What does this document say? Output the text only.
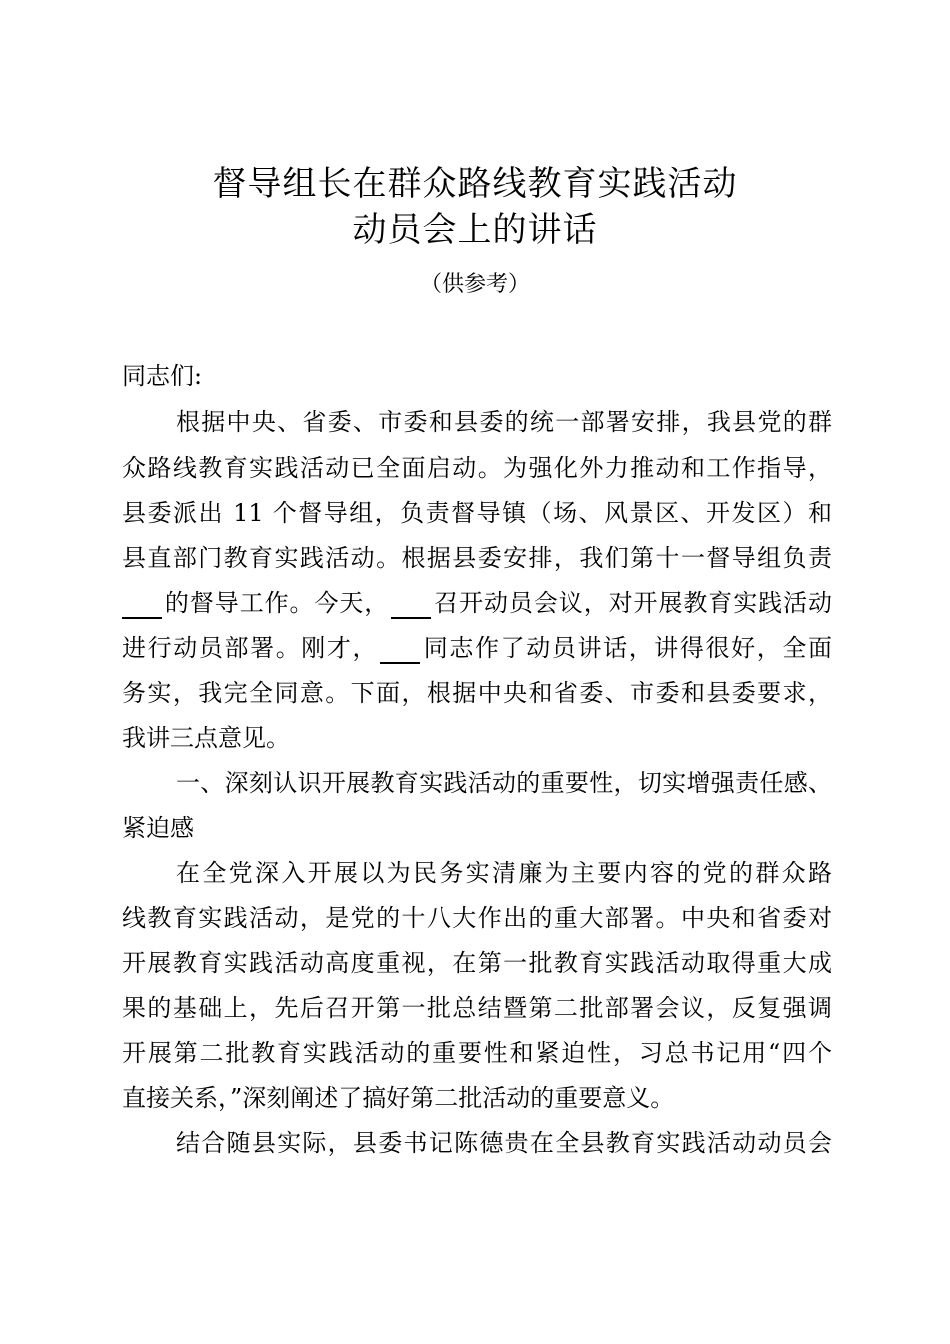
督导组长在群众路线教育实践活动
动员会上的讲话
（供参考）
同志们:
根据中央、省委、市委和县委的统一部署安排，我县党的群
众路线教育实践活动已全面启动。为强化外力推动和工作指导，
县委派出 11 个督导组，负责督导镇（场、风景区、开发区）和
县直部门教育实践活动。根据县委安排，我们第十一督导组负责
的督导工作。今天， 召开动员会议，对开展教育实践活动
进行动员部署。刚才， 同志作了动员讲话，讲得很好，全面
务实，我完全同意。下面，根据中央和省委、市委和县委要求，
我讲三点意见。
一、深刻认识开展教育实践活动的重要性，切实增强责任感、
紧迫感
在全党深入开展以为民务实清廉为主要内容的党的群众路
线教育实践活动，是党的十八大作出的重大部署。中央和省委对
开展教育实践活动高度重视，在第一批教育实践活动取得重大成
果的基础上，先后召开第一批总结暨第二批部署会议，反复强调
开展第二批教育实践活动的重要性和紧迫性，习总书记用“四个
直接关系，”深刻阐述了搞好第二批活动的重要意义。
结合随县实际，县委书记陈德贵在全县教育实践活动动员会
